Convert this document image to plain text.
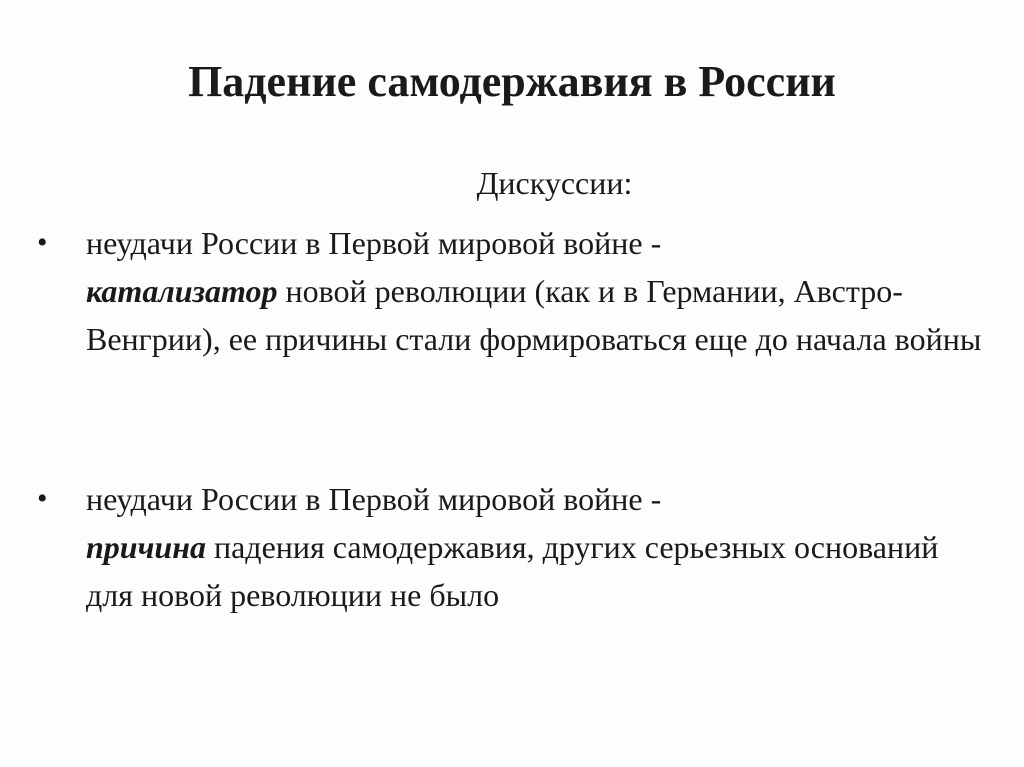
Падение самодержавия в России

Дискуссии:

•	неудачи России в Первой мировой войне -
катализатор новой революции (как и в Германии, Австро-Венгрии), ее причины стали формироваться еще до начала войны
•	неудачи России в Первой мировой войне -
причина падения самодержавия, других серьезных оснований для новой революции не было
